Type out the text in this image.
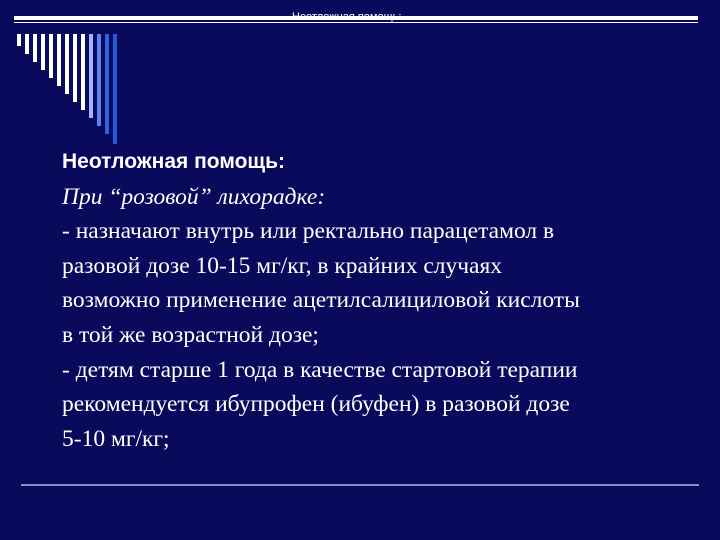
Неотложная помощь:

При “розовой” лихорадке:

- назначают внутрь или ректально парацетамол в

разовой дозе 10-15 мг/кг, в крайних случаях

возможно применение ацетилсалициловой кислоты

в той же возрастной дозе;

- детям старше 1 года в качестве стартовой терапии

рекомендуется ибупрофен (ибуфен) в разовой дозе

5-10 мг/кг;
